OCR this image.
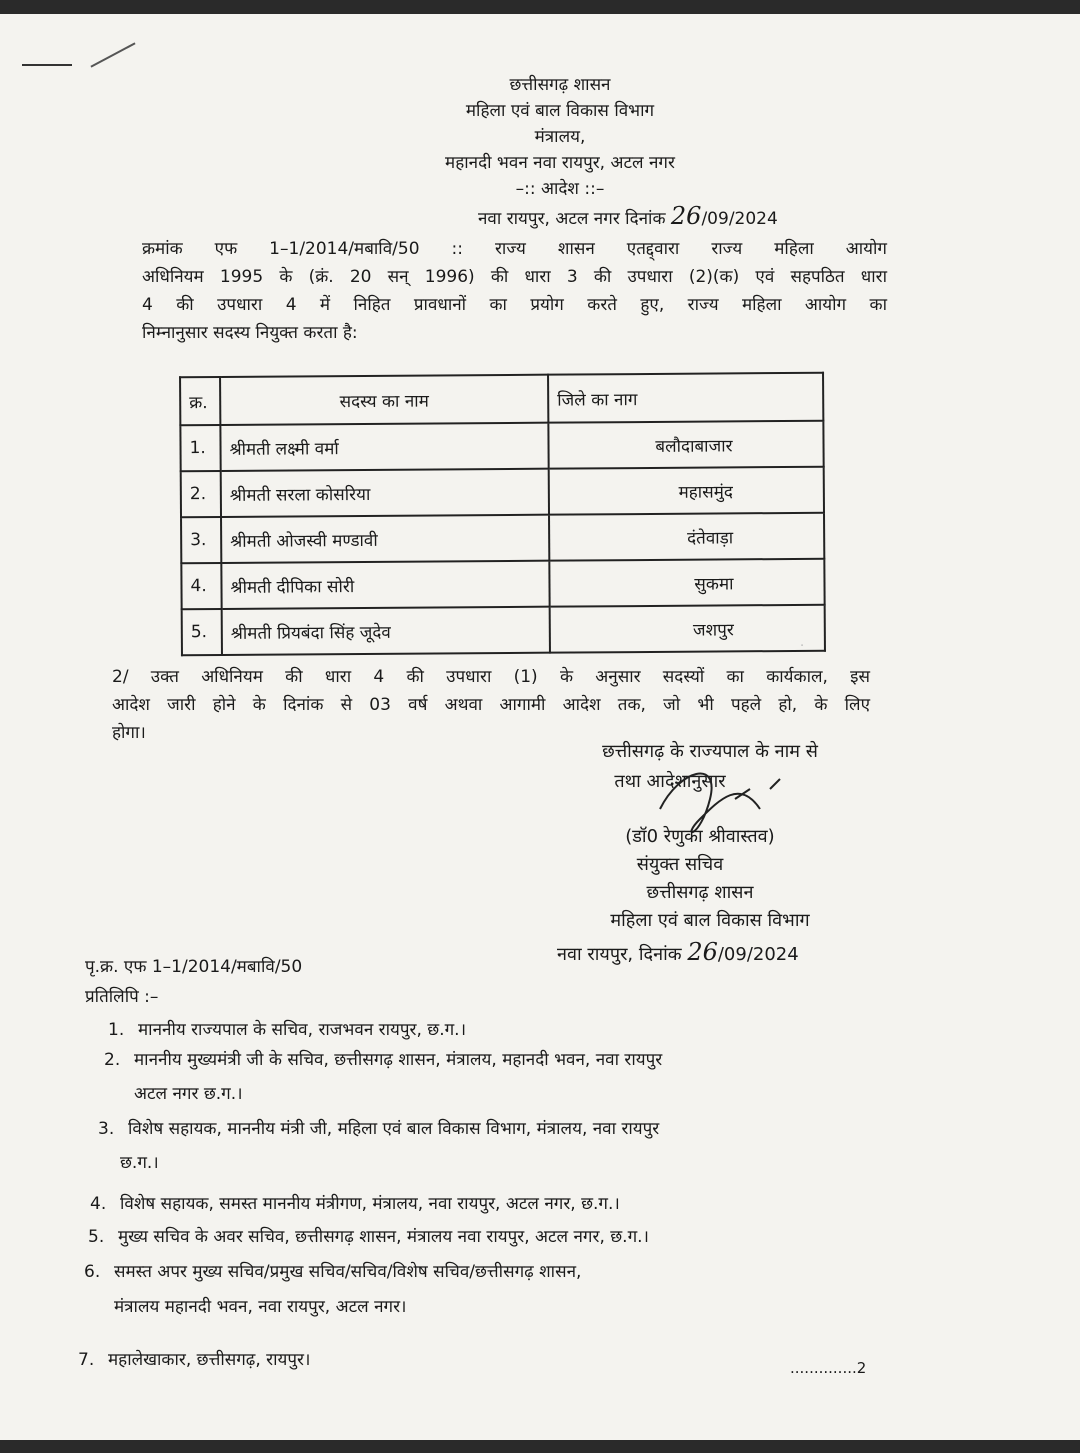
छत्तीसगढ़ शासन
महिला एवं बाल विकास विभाग
मंत्रालय,
महानदी भवन नवा रायपुर, अटल नगर
–:: आदेश ::–
नवा रायपुर, अटल नगर दिनांक 26/09/2024
क्रमांक एफ 1–1/2014/मबावि/50 :: राज्य शासन एतद्द्वारा राज्य महिला आयोग
अधिनियम 1995 के (क्रं. 20 सन् 1996) की धारा 3 की उपधारा (2)(क) एवं सहपठित धारा
4 की उपधारा 4 में निहित प्रावधानों का प्रयोग करते हुए, राज्य महिला आयोग का
निम्नानुसार सदस्य नियुक्त करता है:
क्र.	सदस्य का नाम	जिले का नाग
1.	श्रीमती लक्ष्मी वर्मा	बलौदाबाजार
2.	श्रीमती सरला कोसरिया	महासमुंद
3.	श्रीमती ओजस्वी मण्डावी	दंतेवाड़ा
4.	श्रीमती दीपिका सोरी	सुकमा
5.	श्रीमती प्रियबंदा सिंह जूदेव	जशपुर
·
2/ उक्त अधिनियम की धारा 4 की उपधारा (1) के अनुसार सदस्यों का कार्यकाल, इस
आदेश जारी होने के दिनांक से 03 वर्ष अथवा आगामी आदेश तक, जो भी पहले हो, के लिए
होगा।
छत्तीसगढ़ के राज्यपाल के नाम से
तथा आदेशानुसार
(डॉ0 रेणुका श्रीवास्तव)
संयुक्त सचिव
छत्तीसगढ़ शासन
महिला एवं बाल विकास विभाग
नवा रायपुर, दिनांक 26/09/2024
पृ.क्र. एफ 1–1/2014/मबावि/50
प्रतिलिपि :–
1. माननीय राज्यपाल के सचिव, राजभवन रायपुर, छ.ग.।
2. माननीय मुख्यमंत्री जी के सचिव, छत्तीसगढ़ शासन, मंत्रालय, महानदी भवन, नवा रायपुर
अटल नगर छ.ग.।
3. विशेष सहायक, माननीय मंत्री जी, महिला एवं बाल विकास विभाग, मंत्रालय, नवा रायपुर
छ.ग.।
4. विशेष सहायक, समस्त माननीय मंत्रीगण, मंत्रालय, नवा रायपुर, अटल नगर, छ.ग.।
5. मुख्य सचिव के अवर सचिव, छत्तीसगढ़ शासन, मंत्रालय नवा रायपुर, अटल नगर, छ.ग.।
6. समस्त अपर मुख्य सचिव/प्रमुख सचिव/सचिव/विशेष सचिव/छत्तीसगढ़ शासन,
मंत्रालय महानदी भवन, नवा रायपुर, अटल नगर।
7. महालेखाकार, छत्तीसगढ़, रायपुर।	..............2
